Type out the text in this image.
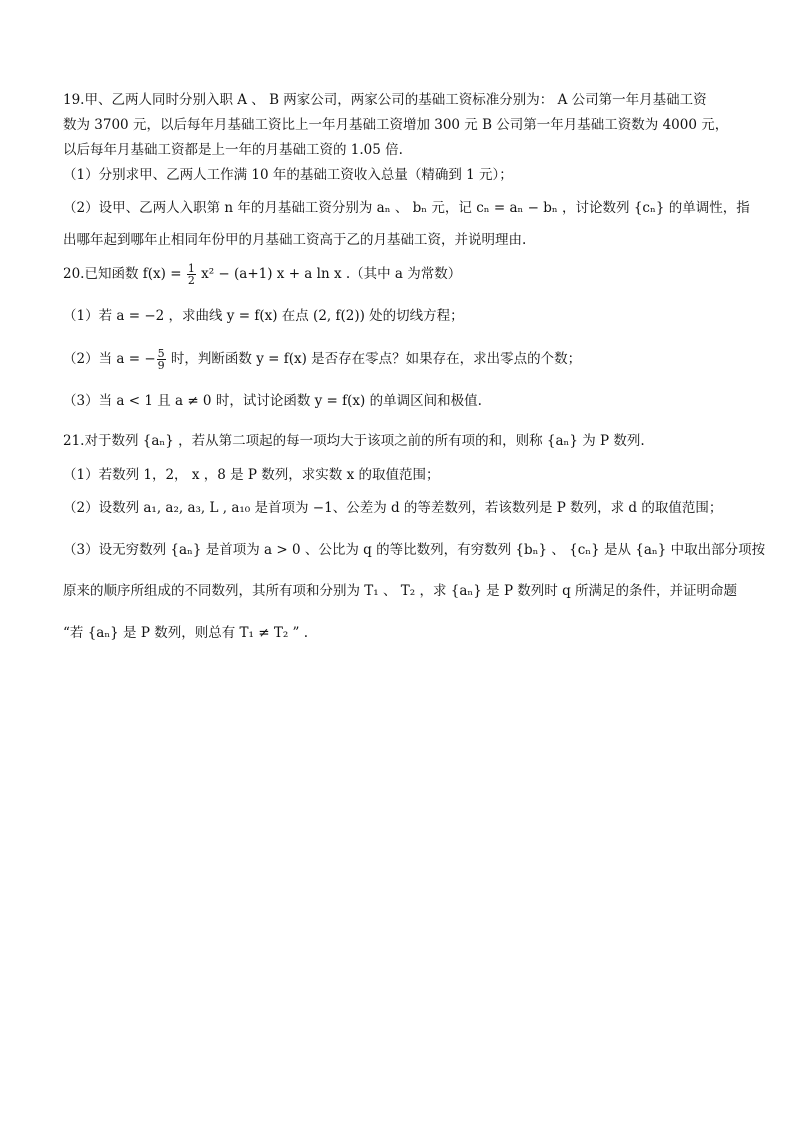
19.甲、乙两人同时分别入职 A 、 B 两家公司，两家公司的基础工资标准分别为： A 公司第一年月基础工资
数为 3700 元，以后每年月基础工资比上一年月基础工资增加 300 元 B 公司第一年月基础工资数为 4000 元，
以后每年月基础工资都是上一年的月基础工资的 1.05 倍.
（1）分别求甲、乙两人工作满 10 年的基础工资收入总量（精确到 1 元）；
（2）设甲、乙两人入职第 n 年的月基础工资分别为 aₙ 、 bₙ 元，记 cₙ = aₙ − bₙ ，讨论数列 {cₙ} 的单调性，指
出哪年起到哪年止相同年份甲的月基础工资高于乙的月基础工资，并说明理由.
20.已知函数 $f(x) = \frac{1}{2} x^2 - (a+1) x + a$ ln x .（其中 a 为常数）
（1）若 a = −2 ，求曲线 y = f(x) 在点 (2, f(2)) 处的切线方程；
（2）当 a = − $\frac{5}{9}$ 时，判断函数 y = f(x) 是否存在零点？如果存在，求出零点的个数；
（3）当 a < 1 且 a ≠ 0 时，试讨论函数 y = f(x) 的单调区间和极值.
21.对于数列 {aₙ} ，若从第二项起的每一项均大于该项之前的所有项的和，则称 {aₙ} 为 P 数列.
（1）若数列 1，2， x ，8 是 P 数列，求实数 x 的取值范围；
（2）设数列 a₁, a₂, a₃, L , a₁₀ 是首项为 −1、公差为 d 的等差数列，若该数列是 P 数列，求 d 的取值范围；
（3）设无穷数列 {aₙ} 是首项为 a > 0 、公比为 q 的等比数列，有穷数列 {bₙ} 、 {cₙ} 是从 {aₙ} 中取出部分项按
原来的顺序所组成的不同数列，其所有项和分别为 T₁ 、 T₂ ，求 {aₙ} 是 P 数列时 q 所满足的条件，并证明命题
“若 {aₙ} 是 P 数列，则总有 T₁ ≠ T₂ ” .
